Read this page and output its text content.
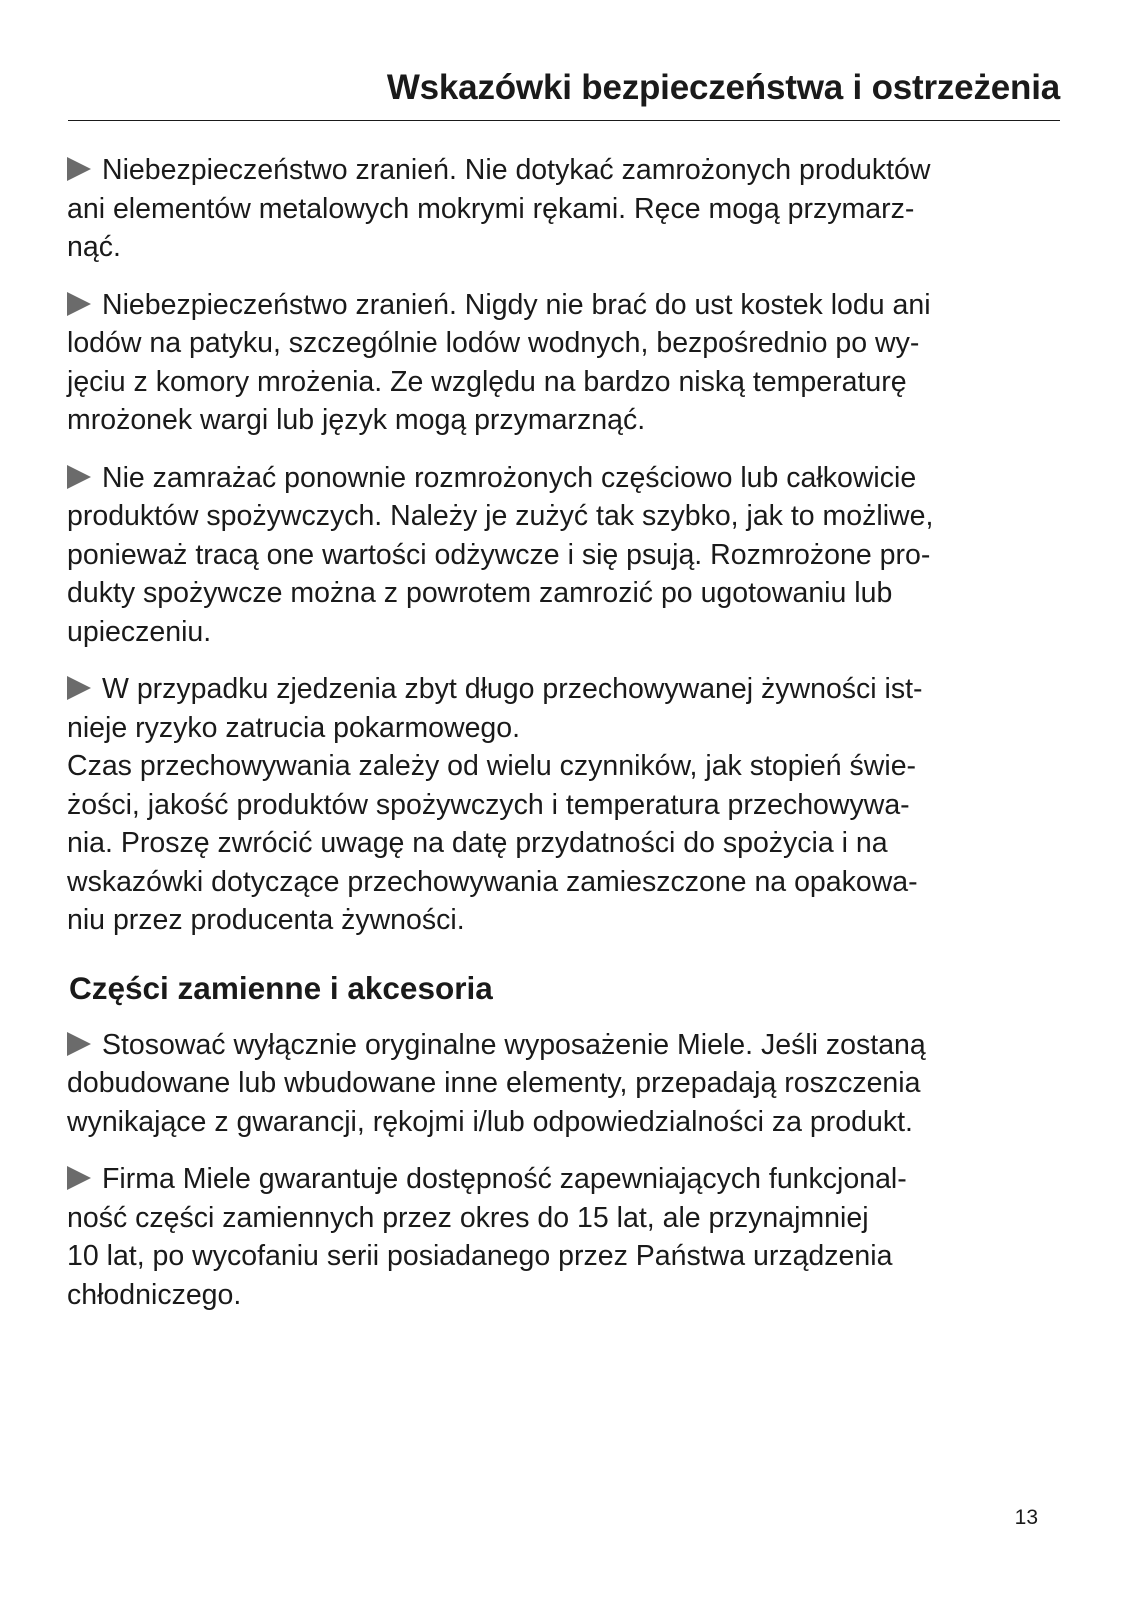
Wskazówki bezpieczeństwa i ostrzeżenia
Niebezpieczeństwo zranień. Nie dotykać zamrożonych produktów
ani elementów metalowych mokrymi rękami. Ręce mogą przymarz-
nąć.
Niebezpieczeństwo zranień. Nigdy nie brać do ust kostek lodu ani
lodów na patyku, szczególnie lodów wodnych, bezpośrednio po wy-
jęciu z komory mrożenia. Ze względu na bardzo niską temperaturę
mrożonek wargi lub język mogą przymarznąć.
Nie zamrażać ponownie rozmrożonych częściowo lub całkowicie
produktów spożywczych. Należy je zużyć tak szybko, jak to możliwe,
ponieważ tracą one wartości odżywcze i się psują. Rozmrożone pro-
dukty spożywcze można z powrotem zamrozić po ugotowaniu lub
upieczeniu.
W przypadku zjedzenia zbyt długo przechowywanej żywności ist-
nieje ryzyko zatrucia pokarmowego.
Czas przechowywania zależy od wielu czynników, jak stopień świe-
żości, jakość produktów spożywczych i temperatura przechowywa-
nia. Proszę zwrócić uwagę na datę przydatności do spożycia i na
wskazówki dotyczące przechowywania zamieszczone na opakowa-
niu przez producenta żywności.
Części zamienne i akcesoria
Stosować wyłącznie oryginalne wyposażenie Miele. Jeśli zostaną
dobudowane lub wbudowane inne elementy, przepadają roszczenia
wynikające z gwarancji, rękojmi i/lub odpowiedzialności za produkt.
Firma Miele gwarantuje dostępność zapewniających funkcjonal-
ność części zamiennych przez okres do 15 lat, ale przynajmniej
10 lat, po wycofaniu serii posiadanego przez Państwa urządzenia
chłodniczego.
13
